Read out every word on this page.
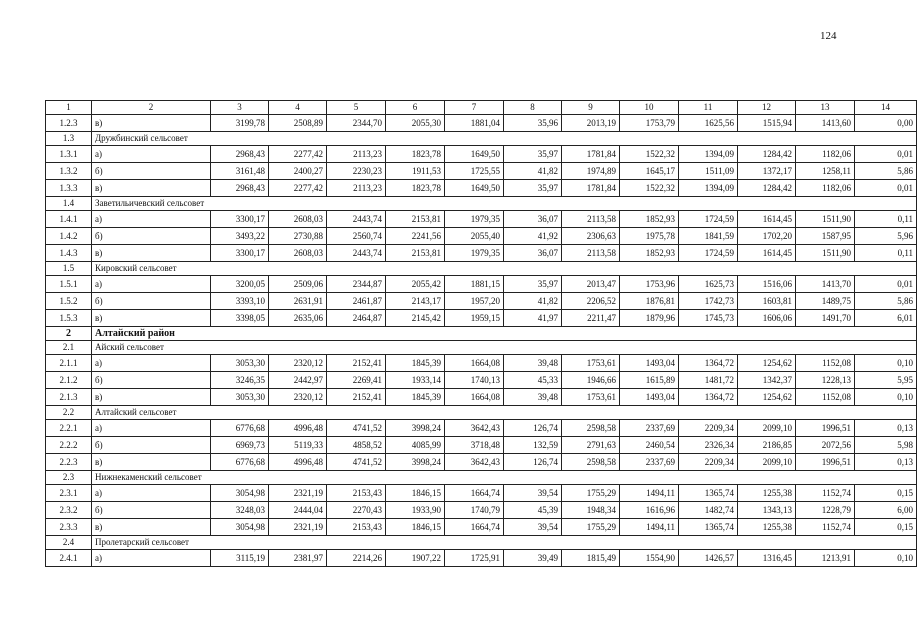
124
1	2	3	4	5	6	7	8	9	10	11	12	13	14
1.2.3	в)	3199,78	2508,89	2344,70	2055,30	1881,04	35,96	2013,19	1753,79	1625,56	1515,94	1413,60	0,00
1.3	Дружбинский сельсовет												
1.3.1	а)	2968,43	2277,42	2113,23	1823,78	1649,50	35,97	1781,84	1522,32	1394,09	1284,42	1182,06	0,01
1.3.2	б)	3161,48	2400,27	2230,23	1911,53	1725,55	41,82	1974,89	1645,17	1511,09	1372,17	1258,11	5,86
1.3.3	в)	2968,43	2277,42	2113,23	1823,78	1649,50	35,97	1781,84	1522,32	1394,09	1284,42	1182,06	0,01
1.4	Заветильичевский сельсовет												
1.4.1	а)	3300,17	2608,03	2443,74	2153,81	1979,35	36,07	2113,58	1852,93	1724,59	1614,45	1511,90	0,11
1.4.2	б)	3493,22	2730,88	2560,74	2241,56	2055,40	41,92	2306,63	1975,78	1841,59	1702,20	1587,95	5,96
1.4.3	в)	3300,17	2608,03	2443,74	2153,81	1979,35	36,07	2113,58	1852,93	1724,59	1614,45	1511,90	0,11
1.5	Кировский сельсовет												
1.5.1	а)	3200,05	2509,06	2344,87	2055,42	1881,15	35,97	2013,47	1753,96	1625,73	1516,06	1413,70	0,01
1.5.2	б)	3393,10	2631,91	2461,87	2143,17	1957,20	41,82	2206,52	1876,81	1742,73	1603,81	1489,75	5,86
1.5.3	в)	3398,05	2635,06	2464,87	2145,42	1959,15	41,97	2211,47	1879,96	1745,73	1606,06	1491,70	6,01
2	Алтайский район												
2.1	Айский сельсовет												
2.1.1	а)	3053,30	2320,12	2152,41	1845,39	1664,08	39,48	1753,61	1493,04	1364,72	1254,62	1152,08	0,10
2.1.2	б)	3246,35	2442,97	2269,41	1933,14	1740,13	45,33	1946,66	1615,89	1481,72	1342,37	1228,13	5,95
2.1.3	в)	3053,30	2320,12	2152,41	1845,39	1664,08	39,48	1753,61	1493,04	1364,72	1254,62	1152,08	0,10
2.2	Алтайский сельсовет												
2.2.1	а)	6776,68	4996,48	4741,52	3998,24	3642,43	126,74	2598,58	2337,69	2209,34	2099,10	1996,51	0,13
2.2.2	б)	6969,73	5119,33	4858,52	4085,99	3718,48	132,59	2791,63	2460,54	2326,34	2186,85	2072,56	5,98
2.2.3	в)	6776,68	4996,48	4741,52	3998,24	3642,43	126,74	2598,58	2337,69	2209,34	2099,10	1996,51	0,13
2.3	Нижнекаменский сельсовет												
2.3.1	а)	3054,98	2321,19	2153,43	1846,15	1664,74	39,54	1755,29	1494,11	1365,74	1255,38	1152,74	0,15
2.3.2	б)	3248,03	2444,04	2270,43	1933,90	1740,79	45,39	1948,34	1616,96	1482,74	1343,13	1228,79	6,00
2.3.3	в)	3054,98	2321,19	2153,43	1846,15	1664,74	39,54	1755,29	1494,11	1365,74	1255,38	1152,74	0,15
2.4	Пролетарский сельсовет												
2.4.1	а)	3115,19	2381,97	2214,26	1907,22	1725,91	39,49	1815,49	1554,90	1426,57	1316,45	1213,91	0,10
